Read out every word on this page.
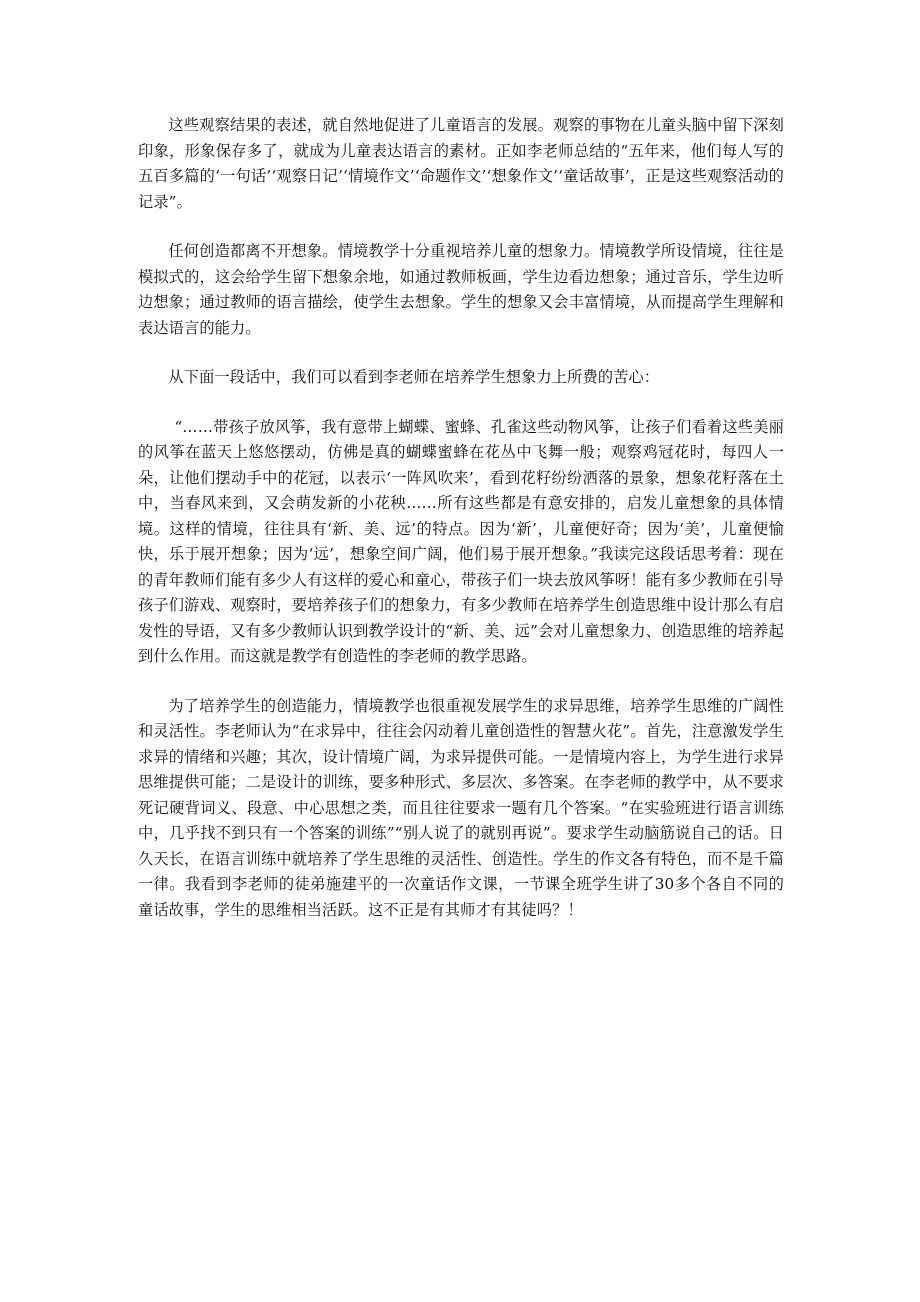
这些观察结果的表述，就自然地促进了儿童语言的发展。观察的事物在儿童头脑中留下深刻印象，形象保存多了，就成为儿童表达语言的素材。正如李老师总结的“五年来，他们每人写的五百多篇的‘一句话’‘观察日记’‘情境作文’‘命题作文’‘想象作文’‘童话故事’，正是这些观察活动的记录”。

任何创造都离不开想象。情境教学十分重视培养儿童的想象力。情境教学所设情境，往往是模拟式的，这会给学生留下想象余地，如通过教师板画，学生边看边想象；通过音乐，学生边听边想象；通过教师的语言描绘，使学生去想象。学生的想象又会丰富情境，从而提高学生理解和表达语言的能力。

从下面一段话中，我们可以看到李老师在培养学生想象力上所费的苦心：

“……带孩子放风筝，我有意带上蝴蝶、蜜蜂、孔雀这些动物风筝，让孩子们看着这些美丽的风筝在蓝天上悠悠摆动，仿佛是真的蝴蝶蜜蜂在花丛中飞舞一般；观察鸡冠花时，每四人一朵，让他们摆动手中的花冠，以表示‘一阵风吹来’，看到花籽纷纷洒落的景象，想象花籽落在土中，当春风来到，又会萌发新的小花秧……所有这些都是有意安排的，启发儿童想象的具体情境。这样的情境，往往具有‘新、美、远’的特点。因为‘新’，儿童便好奇；因为‘美’，儿童便愉快，乐于展开想象；因为‘远’，想象空间广阔，他们易于展开想象。”我读完这段话思考着：现在的青年教师们能有多少人有这样的爱心和童心，带孩子们一块去放风筝呀！能有多少教师在引导孩子们游戏、观察时，要培养孩子们的想象力，有多少教师在培养学生创造思维中设计那么有启发性的导语，又有多少教师认识到教学设计的“新、美、远”会对儿童想象力、创造思维的培养起到什么作用。而这就是教学有创造性的李老师的教学思路。

为了培养学生的创造能力，情境教学也很重视发展学生的求异思维，培养学生思维的广阔性和灵活性。李老师认为“在求异中，往往会闪动着儿童创造性的智慧火花”。首先，注意激发学生求异的情绪和兴趣；其次，设计情境广阔，为求异提供可能。一是情境内容上，为学生进行求异思维提供可能；二是设计的训练，要多种形式、多层次、多答案。在李老师的教学中，从不要求死记硬背词义、段意、中心思想之类，而且往往要求一题有几个答案。“在实验班进行语言训练中，几乎找不到只有一个答案的训练”“别人说了的就别再说”。要求学生动脑筋说自己的话。日久天长，在语言训练中就培养了学生思维的灵活性、创造性。学生的作文各有特色，而不是千篇一律。我看到李老师的徒弟施建平的一次童话作文课，一节课全班学生讲了30多个各自不同的童话故事，学生的思维相当活跃。这不正是有其师才有其徒吗？！
